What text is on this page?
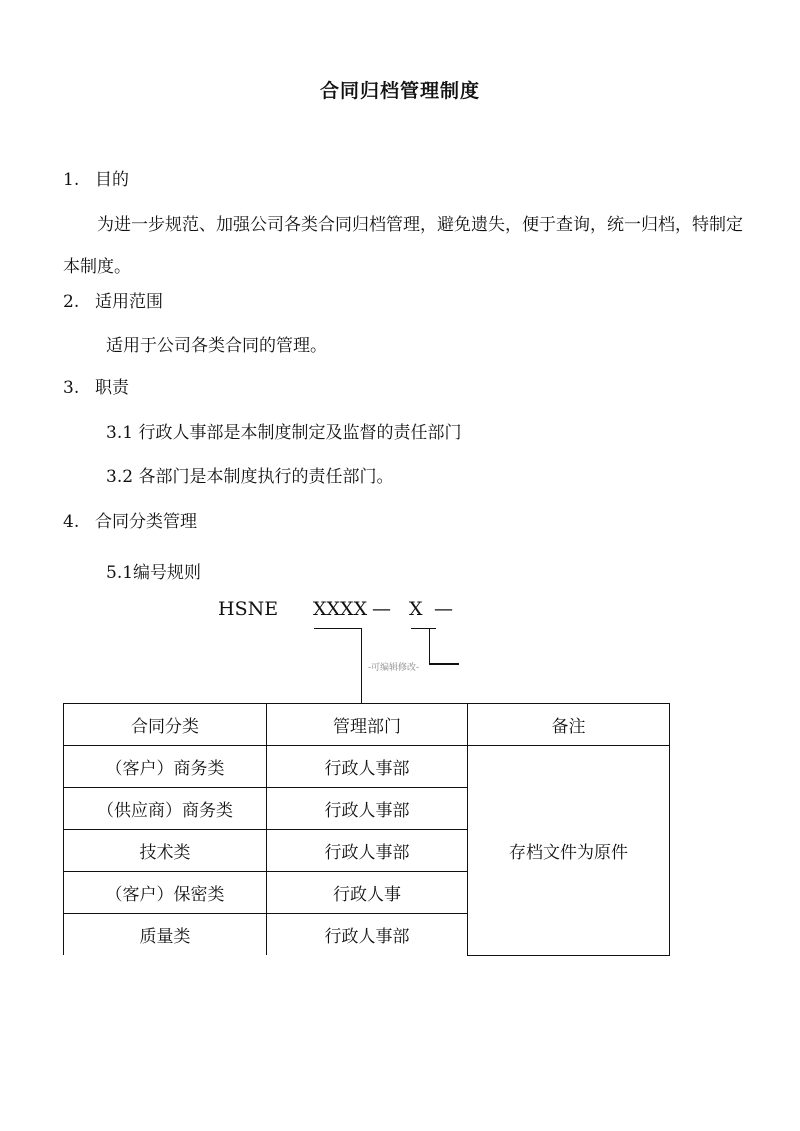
合同归档管理制度
1. 目的
为进一步规范、加强公司各类合同归档管理，避免遗失，便于查询，统一归档，特制定本制度。
2. 适用范围
适用于公司各类合同的管理。
3. 职责
3.1 行政人事部是本制度制定及监督的责任部门
3.2 各部门是本制度执行的责任部门。
4. 合同分类管理
5.1编号规则
HSNE XXXX — X —
-可编辑修改-
合同分类	管理部门	备注
（客户）商务类	行政人事部	存档文件为原件
（供应商）商务类	行政人事部	
技术类	行政人事部	
（客户）保密类	行政人事	
质量类	行政人事部	
